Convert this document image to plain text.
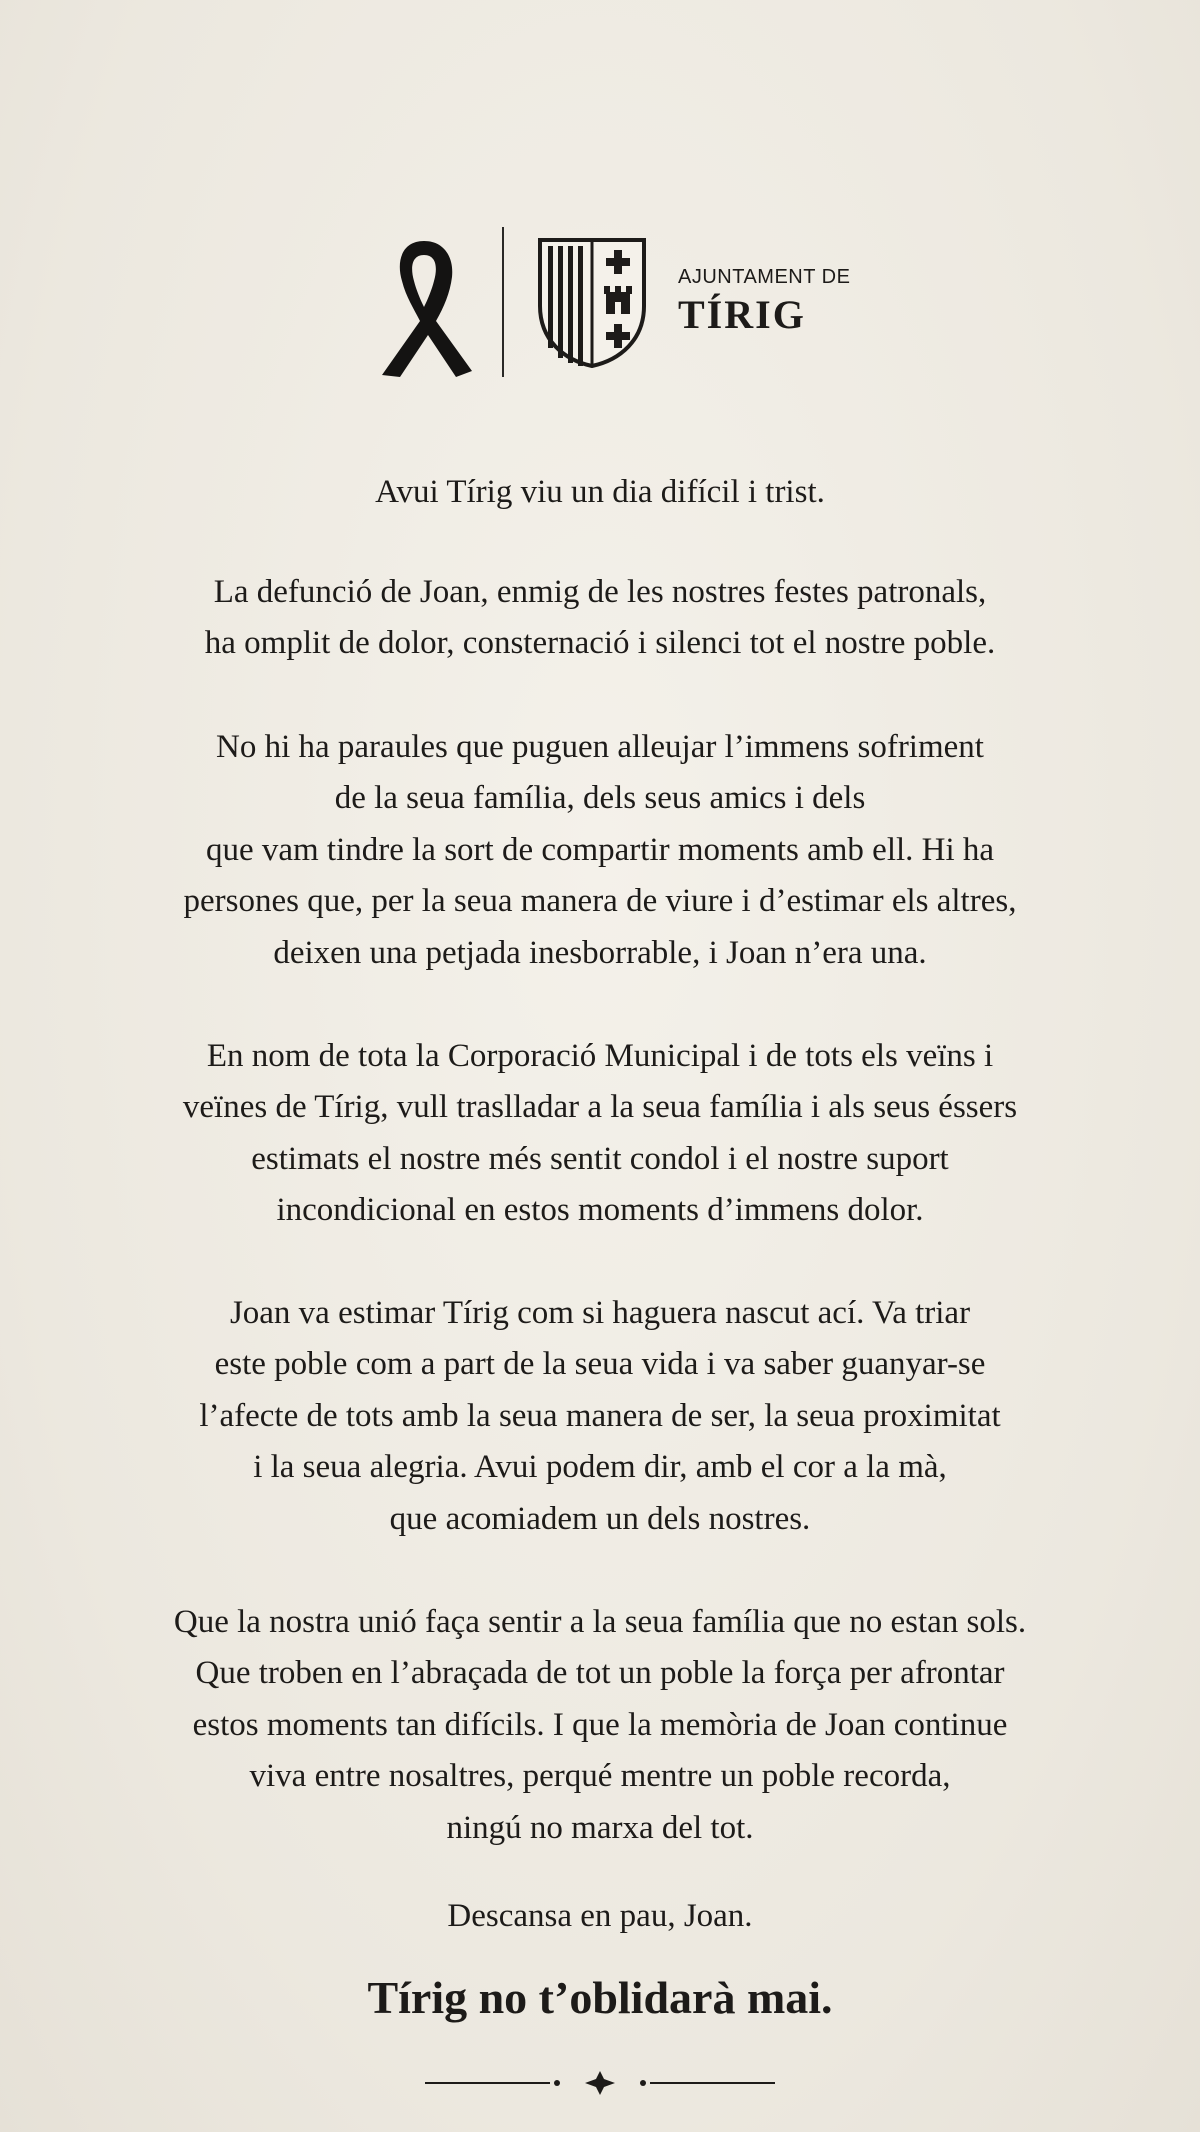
AJUNTAMENT DE
TÍRIG

Avui Tírig viu un dia difícil i trist.

La defunció de Joan, enmig de les nostres festes patronals,

ha omplit de dolor, consternació i silenci tot el nostre poble.

No hi ha paraules que puguen alleujar l’immens sofriment

de la seua família, dels seus amics i dels

que vam tindre la sort de compartir moments amb ell. Hi ha

persones que, per la seua manera de viure i d’estimar els altres,

deixen una petjada inesborrable, i Joan n’era una.

En nom de tota la Corporació Municipal i de tots els veïns i

veïnes de Tírig, vull traslladar a la seua família i als seus éssers

estimats el nostre més sentit condol i el nostre suport

incondicional en estos moments d’immens dolor.

Joan va estimar Tírig com si haguera nascut ací. Va triar

este poble com a part de la seua vida i va saber guanyar-se

l’afecte de tots amb la seua manera de ser, la seua proximitat

i la seua alegria. Avui podem dir, amb el cor a la mà,

que acomiadem un dels nostres.

Que la nostra unió faça sentir a la seua família que no estan sols.

Que troben en l’abraçada de tot un poble la força per afrontar

estos moments tan difícils. I que la memòria de Joan continue

viva entre nosaltres, perqué mentre un poble recorda,

ningú no marxa del tot.

Descansa en pau, Joan.

Tírig no t’oblidarà mai.
